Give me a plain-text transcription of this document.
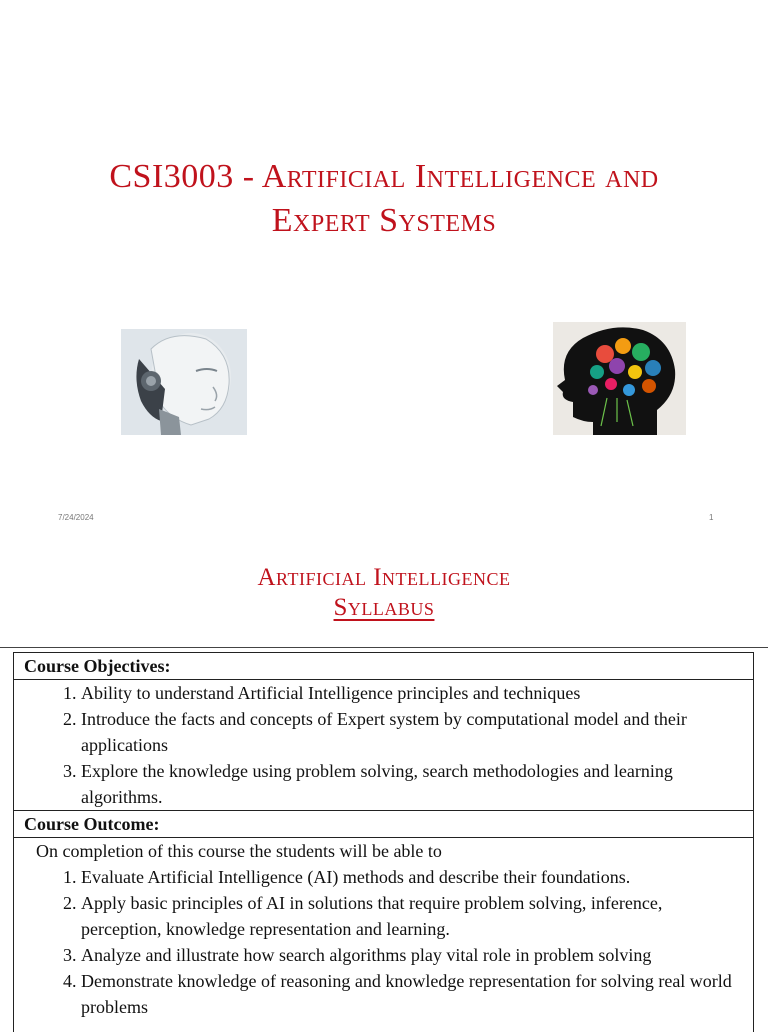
CSI3003 - Artificial Intelligence and
Expert Systems
7/24/2024	1
Artificial Intelligence
Syllabus
Course Objectives:
1. Ability to understand Artificial Intelligence principles and techniques
2. Introduce the facts and concepts of Expert system by computational model and their applications
3. Explore the knowledge using problem solving, search methodologies and learning algorithms.
Course Outcome:
On completion of this course the students will be able to
1. Evaluate Artificial Intelligence (AI) methods and describe their foundations.
2. Apply basic principles of AI in solutions that require problem solving, inference, perception, knowledge representation and learning.
3. Analyze and illustrate how search algorithms play vital role in problem solving
4. Demonstrate knowledge of reasoning and knowledge representation for solving real world problems
